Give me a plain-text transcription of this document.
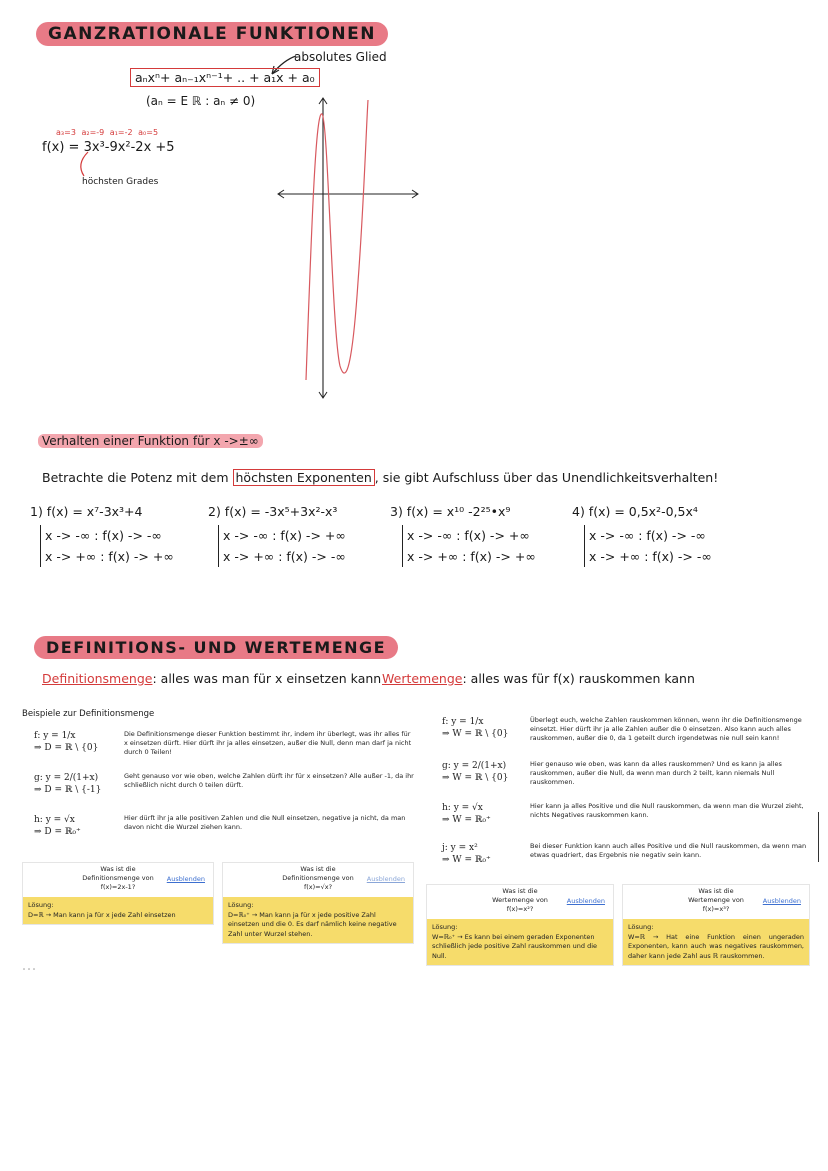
GANZRATIONALE FUNKTIONEN
absolutes Glied
aₙxⁿ+ aₙ₋₁xⁿ⁻¹+ .. + a₁x + a₀
(aₙ = E ℝ : aₙ ≠ 0)
a₃=3 a₂=-9 a₁=-2 a₀=5
f(x) = 3x³-9x²-2x +5
höchsten Grades
Verhalten einer Funktion für x ->±∞
Betrachte die Potenz mit dem höchsten Exponenten , sie gibt Aufschluss über das Unendlichkeitsverhalten!
1) f(x) = x⁷-3x³+4
x -> -∞ : f(x) -> -∞
x -> +∞ : f(x) -> +∞
2) f(x) = -3x⁵+3x²-x³
x -> -∞ : f(x) -> +∞
x -> +∞ : f(x) -> -∞
3) f(x) = x¹⁰ -2²⁵•x⁹
x -> -∞ : f(x) -> +∞
x -> +∞ : f(x) -> +∞
4) f(x) = 0,5x²-0,5x⁴
x -> -∞ : f(x) -> -∞
x -> +∞ : f(x) -> -∞
DEFINITIONS- UND WERTEMENGE
Definitionsmenge: alles was man für x einsetzen kann Wertemenge: alles was für f(x) rauskommen kann
Beispiele zur Definitionsmenge
f: y = 1/x
⇒ D = ℝ \ {0}
Die Definitionsmenge dieser Funktion bestimmt ihr, indem ihr überlegt, was ihr alles für x einsetzen dürft. Hier dürft ihr ja alles einsetzen, außer die Null, denn man darf ja nicht durch 0 Teilen!
g: y = 2/(1+x)
⇒ D = ℝ \ {-1}
Geht genauso vor wie oben, welche Zahlen dürft ihr für x einsetzen? Alle außer -1, da ihr schließlich nicht durch 0 teilen dürft.
h: y = √x
⇒ D = ℝ₀⁺
Hier dürft ihr ja alle positiven Zahlen und die Null einsetzen, negative ja nicht, da man davon nicht die Wurzel ziehen kann.
f: y = 1/x
⇒ W = ℝ \ {0}
Überlegt euch, welche Zahlen rauskommen können, wenn ihr die Definitionsmenge einsetzt. Hier dürft ihr ja alle Zahlen außer die 0 einsetzen. Also kann auch alles rauskommen, außer die 0, da 1 geteilt durch irgendetwas nie null sein kann!
g: y = 2/(1+x)
⇒ W = ℝ \ {0}
Hier genauso wie oben, was kann da alles rauskommen? Und es kann ja alles rauskommen, außer die Null, da wenn man durch 2 teilt, kann niemals Null rauskommen.
h: y = √x
⇒ W = ℝ₀⁺
Hier kann ja alles Positive und die Null rauskommen, da wenn man die Wurzel zieht, nichts Negatives rauskommen kann.
j: y = x²
⇒ W = ℝ₀⁺
Bei dieser Funktion kann auch alles Positive und die Null rauskommen, da wenn man etwas quadriert, das Ergebnis nie negativ sein kann.
Was ist die
Definitionsmenge von
f(x)=2x-1?
Ausblenden
Lösung:
D=ℝ → Man kann ja für x jede Zahl einsetzen
Was ist die
Definitionsmenge von
f(x)=√x?
Ausblenden
Lösung:
D=ℝ₀⁺ → Man kann ja für x jede positive Zahl einsetzen und die 0. Es darf nämlich keine negative Zahl unter Wurzel stehen.
Was ist die
Wertemenge von
f(x)=x²?
Ausblenden
Lösung:
W=ℝ₀⁺ → Es kann bei einem geraden Exponenten schließlich jede positive Zahl rauskommen und die Null.
Was ist die
Wertemenge von
f(x)=x³?
Ausblenden
Lösung:
W=ℝ → Hat eine Funktion einen ungeraden Exponenten, kann auch was negatives rauskommen, daher kann jede Zahl aus ℝ rauskommen.
